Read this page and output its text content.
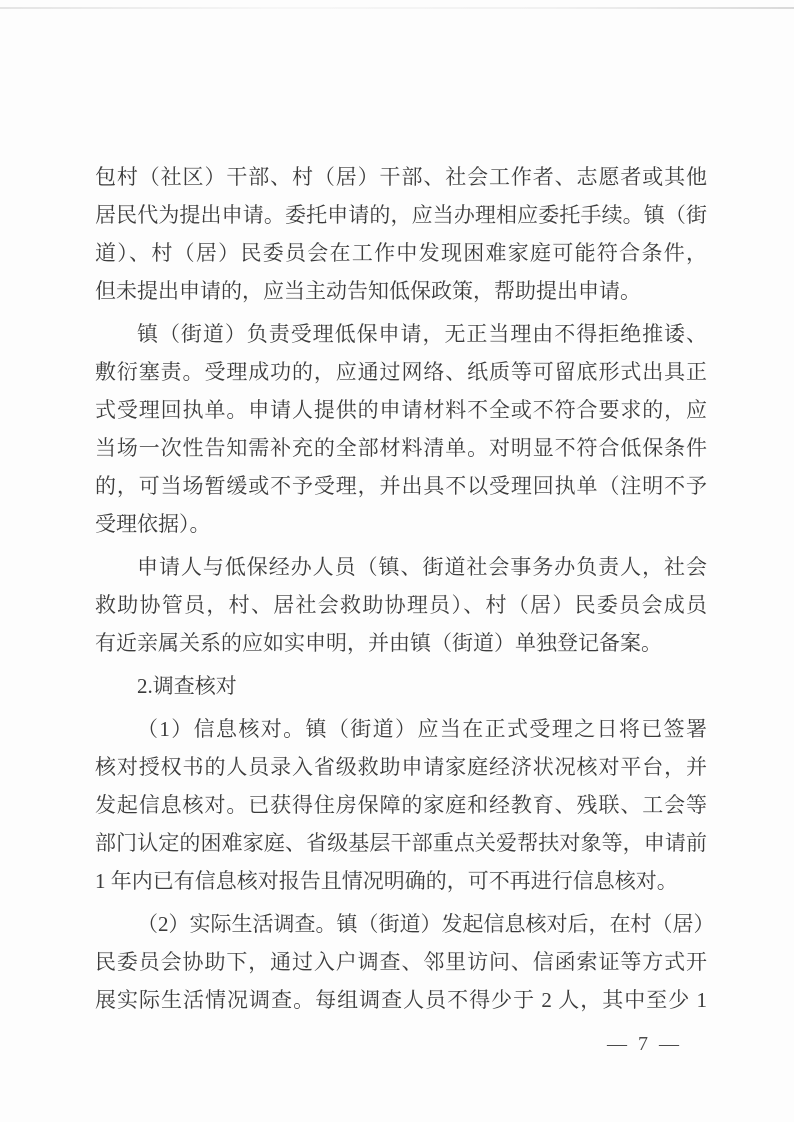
包村（社区）干部、村（居）干部、社会工作者、志愿者或其他
居民代为提出申请。委托申请的，应当办理相应委托手续。镇（街
道）、村（居）民委员会在工作中发现困难家庭可能符合条件，
但未提出申请的，应当主动告知低保政策，帮助提出申请。
镇（街道）负责受理低保申请，无正当理由不得拒绝推诿、
敷衍塞责。受理成功的，应通过网络、纸质等可留底形式出具正
式受理回执单。申请人提供的申请材料不全或不符合要求的，应
当场一次性告知需补充的全部材料清单。对明显不符合低保条件
的，可当场暂缓或不予受理，并出具不以受理回执单（注明不予
受理依据）。
申请人与低保经办人员（镇、街道社会事务办负责人，社会
救助协管员，村、居社会救助协理员）、村（居）民委员会成员
有近亲属关系的应如实申明，并由镇（街道）单独登记备案。
2.调查核对
（1）信息核对。镇（街道）应当在正式受理之日将已签署
核对授权书的人员录入省级救助申请家庭经济状况核对平台，并
发起信息核对。已获得住房保障的家庭和经教育、残联、工会等
部门认定的困难家庭、省级基层干部重点关爱帮扶对象等，申请前
1 年内已有信息核对报告且情况明确的，可不再进行信息核对。
（2）实际生活调查。镇（街道）发起信息核对后，在村（居）
民委员会协助下，通过入户调查、邻里访问、信函索证等方式开
展实际生活情况调查。每组调查人员不得少于 2 人，其中至少 1
— 7 —
